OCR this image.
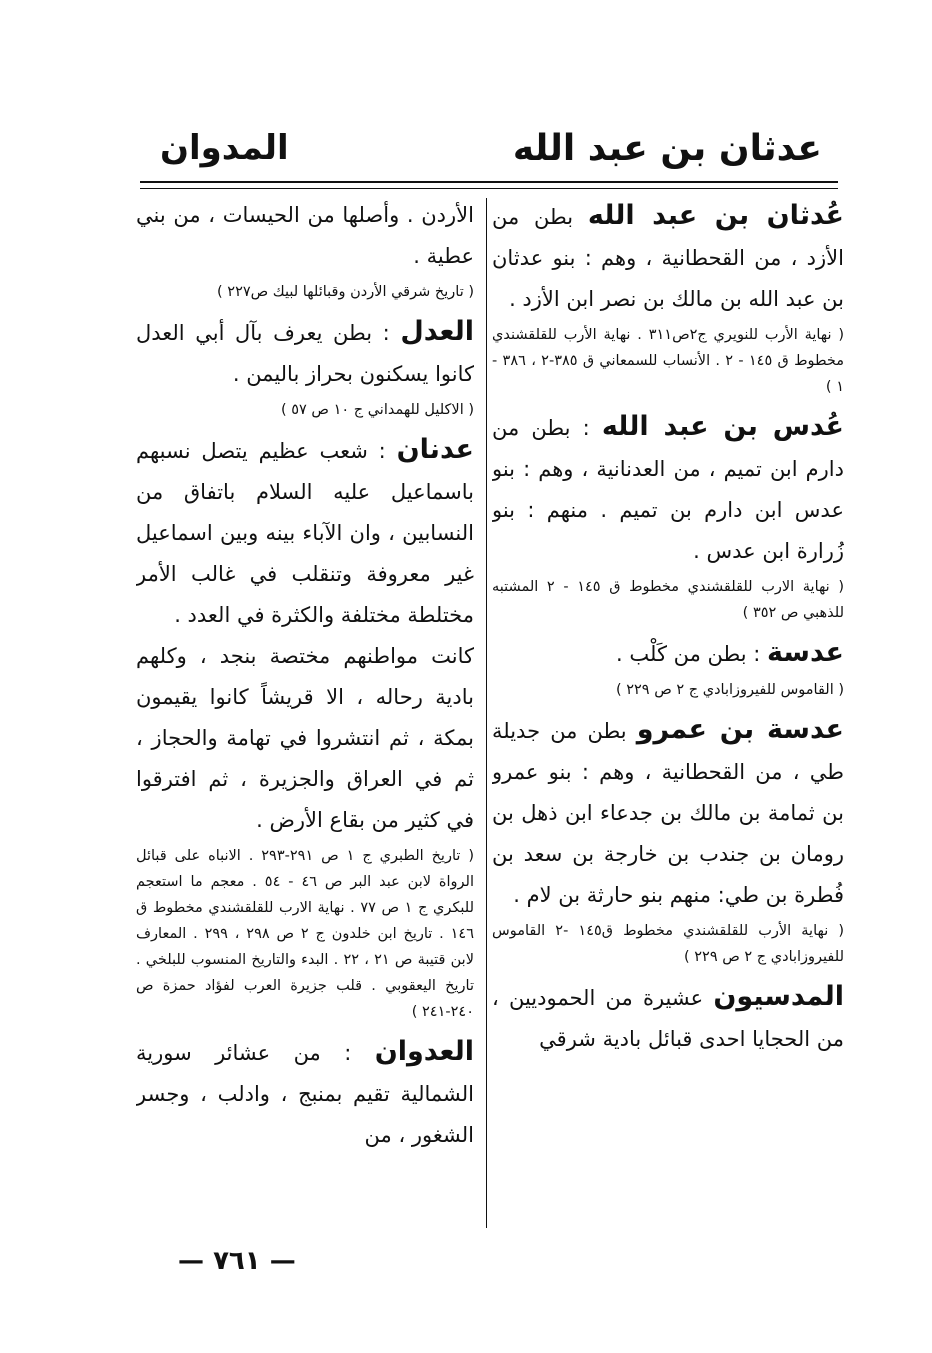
عدثان بن عبد الله
المدوان

عُدثان بن عبد الله بطن من الأزد ، من القحطانية ، وهم : بنو عدثان بن عبد الله بن مالك بن نصر ابن الأزد .

( نهاية الأرب للنويري ج٢ص٣١١ . نهاية الأرب للقلقشندي مخطوط ق ١٤٥ - ٢ . الأنساب للسمعاني ق ٣٨٥-٢ ، ٣٨٦ - ١ )

عُدس بن عبد الله : بطن من دارم ابن تميم ، من العدنانية ، وهم : بنو عدس ابن دارم بن تميم . منهم : بنو زُرارة ابن عدس .

( نهاية الارب للقلقشندي مخطوط ق ١٤٥ - ٢ المشتبه للذهبي ص ٣٥٢ )

عدسة : بطن من كَلْب .

( القاموس للفيروزابادي ج ٢ ص ٢٢٩ )

عدسة بن عمرو بطن من جديلة طي ، من القحطانية ، وهم : بنو عمرو بن ثمامة بن مالك بن جدعاء ابن ذهل بن رومان بن جندب بن خارجة بن سعد بن فُطرة بن طي: منهم بنو حارثة بن لام .

( نهاية الأرب للقلقشندي مخطوط ق١٤٥ -٢ القاموس للفيروزابادي ج ٢ ص ٢٢٩ )

المدسيون عشيرة من الحموديين ، من الحجايا احدى قبائل بادية شرقي

الأردن . وأصلها من الحيسات ، من بني عطية .

( تاريخ شرقي الأردن وقبائلها لبيك ص٢٢٧ )

العدل : بطن يعرف بآل أبي العدل كانوا يسكنون بحراز باليمن .

( الاكليل للهمداني ج ١٠ ص ٥٧ )

عدنان : شعب عظيم يتصل نسبهم باسماعيل عليه السلام باتفاق من النسابين ، وان الآباء بينه وبين اسماعيل غير معروفة وتنقلب في غالب الأمر مختلطة مختلفة والكثرة في العدد .

كانت مواطنهم مختصة بنجد ، وكلهم بادية رحاله ، الا قريشاً كانوا يقيمون بمكة ، ثم انتشروا في تهامة والحجاز ، ثم في العراق والجزيرة ، ثم افترقوا في كثير من بقاع الأرض .

( تاريخ الطبري ج ١ ص ٢٩١-٢٩٣ . الانباه على قبائل الرواة لابن عبد البر ص ٤٦ - ٥٤ . معجم ما استعجم للبكري ج ١ ص ٧٧ . نهاية الارب للقلقشندي مخطوط ق ١٤٦ . تاريخ ابن خلدون ج ٢ ص ٢٩٨ ، ٢٩٩ . المعارف لابن قتيبة ص ٢١ ، ٢٢ . البدء والتاريخ المنسوب للبلخي . تاريخ اليعقوبي . قلب جزيرة العرب لفؤاد حمزة ص ٢٤٠-٢٤١ )

العدوان : من عشائر سورية الشمالية تقيم بمنبج ، وادلب ، وجسر الشغور ، من

— ٧٦١ —
